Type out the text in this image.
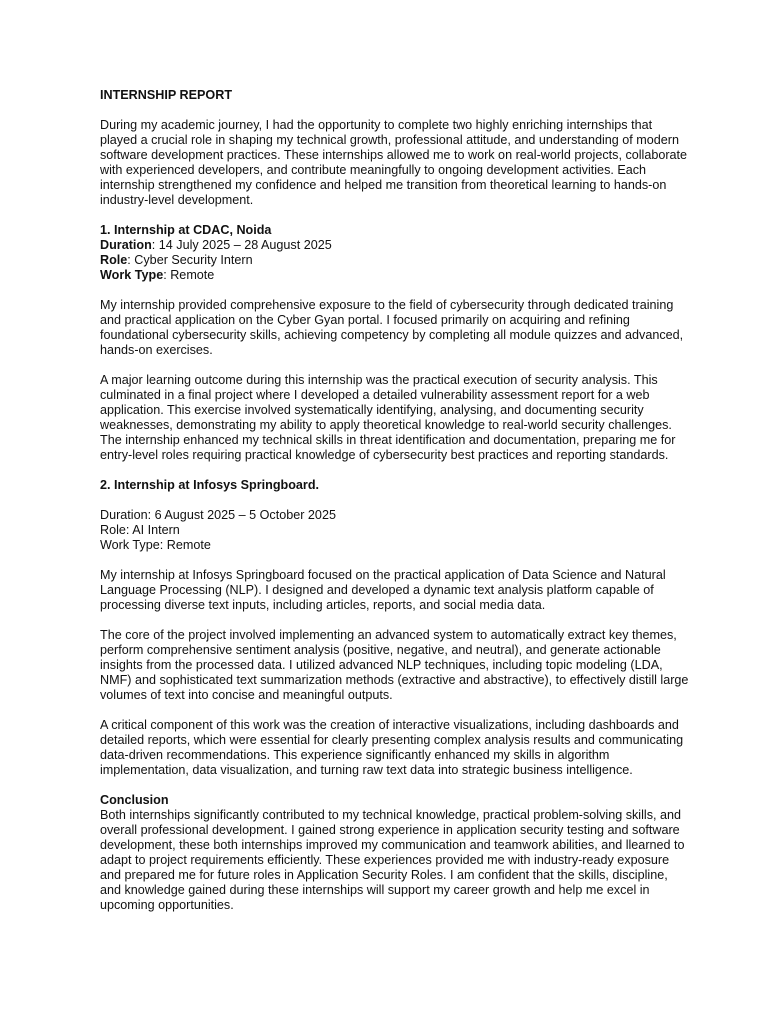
INTERNSHIP REPORT

During my academic journey, I had the opportunity to complete two highly enriching internships that played a crucial role in shaping my technical growth, professional attitude, and understanding of modern software development practices. These internships allowed me to work on real-world projects, collaborate with experienced developers, and contribute meaningfully to ongoing development activities. Each internship strengthened my confidence and helped me transition from theoretical learning to hands-on industry-level development.

1. Internship at CDAC, Noida
Duration: 14 July 2025 – 28 August 2025
Role: Cyber Security Intern
Work Type: Remote

My internship provided comprehensive exposure to the field of cybersecurity through dedicated training and practical application on the Cyber Gyan portal. I focused primarily on acquiring and refining foundational cybersecurity skills, achieving competency by completing all module quizzes and advanced, hands-on exercises.

A major learning outcome during this internship was the practical execution of security analysis. This culminated in a final project where I developed a detailed vulnerability assessment report for a web application. This exercise involved systematically identifying, analysing, and documenting security weaknesses, demonstrating my ability to apply theoretical knowledge to real-world security challenges. The internship enhanced my technical skills in threat identification and documentation, preparing me for entry-level roles requiring practical knowledge of cybersecurity best practices and reporting standards.

2. Internship at Infosys Springboard.

Duration: 6 August 2025 – 5 October 2025
Role: AI Intern
Work Type: Remote

My internship at Infosys Springboard focused on the practical application of Data Science and Natural Language Processing (NLP). I designed and developed a dynamic text analysis platform capable of processing diverse text inputs, including articles, reports, and social media data.

The core of the project involved implementing an advanced system to automatically extract key themes, perform comprehensive sentiment analysis (positive, negative, and neutral), and generate actionable insights from the processed data. I utilized advanced NLP techniques, including topic modeling (LDA, NMF) and sophisticated text summarization methods (extractive and abstractive), to effectively distill large volumes of text into concise and meaningful outputs.

A critical component of this work was the creation of interactive visualizations, including dashboards and detailed reports, which were essential for clearly presenting complex analysis results and communicating data-driven recommendations. This experience significantly enhanced my skills in algorithm implementation, data visualization, and turning raw text data into strategic business intelligence.

Conclusion
Both internships significantly contributed to my technical knowledge, practical problem-solving skills, and overall professional development. I gained strong experience in application security testing and software development, these both internships improved my communication and teamwork abilities, and llearned to adapt to project requirements efficiently. These experiences provided me with industry-ready exposure and prepared me for future roles in Application Security Roles. I am confident that the skills, discipline, and knowledge gained during these internships will support my career growth and help me excel in upcoming opportunities.
